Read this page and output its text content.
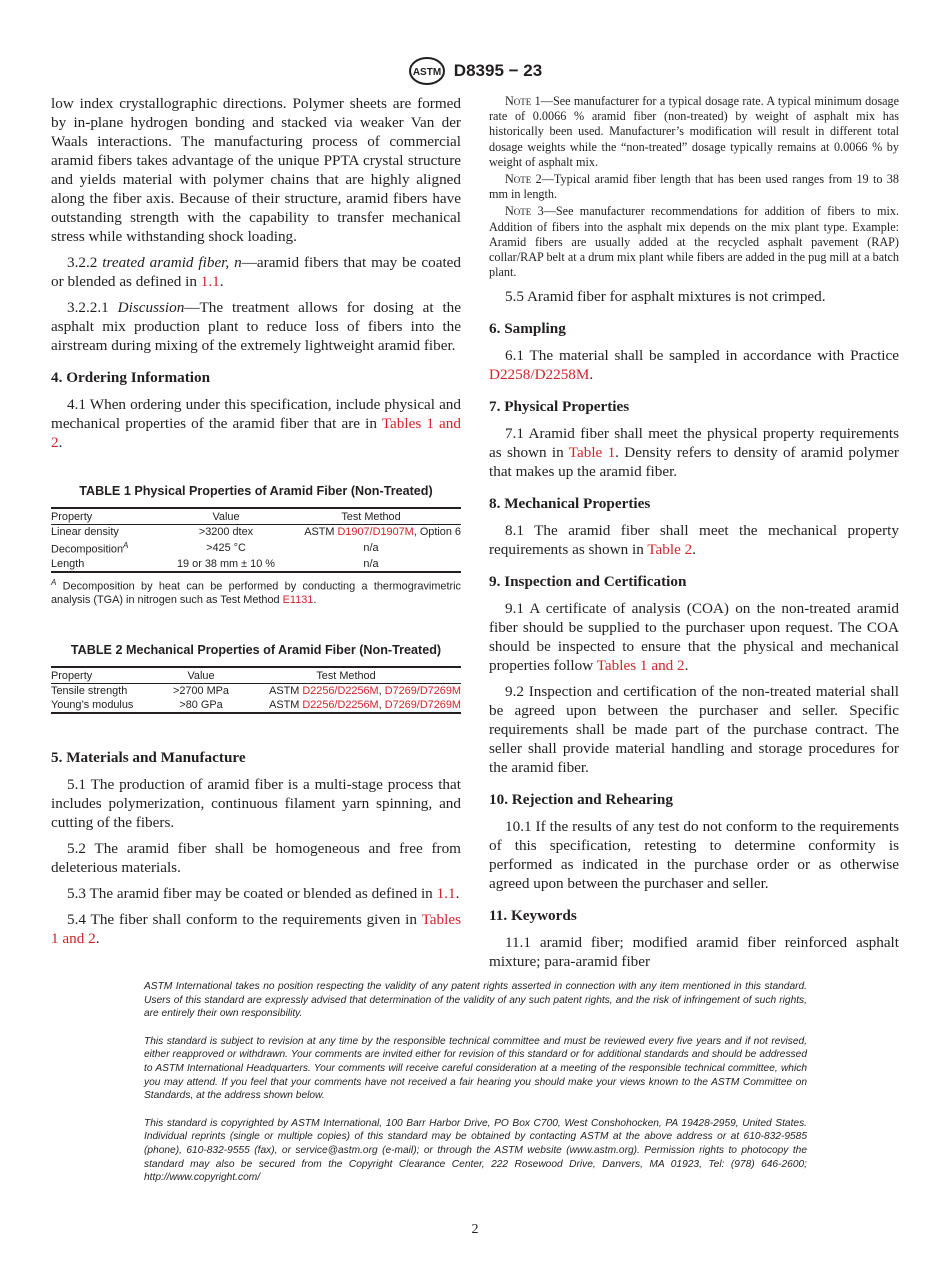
ASTM D8395 − 23

low index crystallographic directions. Polymer sheets are formed by in-plane hydrogen bonding and stacked via weaker Van der Waals interactions. The manufacturing process of commercial aramid fibers takes advantage of the unique PPTA crystal structure and yields material with polymer chains that are highly aligned along the fiber axis. Because of their structure, aramid fibers have outstanding strength with the capability to transfer mechanical stress while withstanding shock loading.

3.2.2 treated aramid fiber, n—aramid fibers that may be coated or blended as defined in 1.1.

3.2.2.1 Discussion—The treatment allows for dosing at the asphalt mix production plant to reduce loss of fibers into the airstream during mixing of the extremely lightweight aramid fiber.

4. Ordering Information

4.1 When ordering under this specification, include physical and mechanical properties of the aramid fiber that are in Tables 1 and 2.

TABLE 1 Physical Properties of Aramid Fiber (Non-Treated)
Property	Value	Test Method
Linear density	>3200 dtex	ASTM D1907/D1907M, Option 6
Decomposition$^A$	>425 °C	n/a
Length	19 or 38 mm ± 10 %	n/a
$^A$ Decomposition by heat can be performed by conducting a thermogravimetric analysis (TGA) in nitrogen such as Test Method E1131.
TABLE 2 Mechanical Properties of Aramid Fiber (Non-Treated)
Property	Value	Test Method
Tensile strength	>2700 MPa	ASTM D2256/D2256M, D7269/D7269M
Young’s modulus	>80 GPa	ASTM D2256/D2256M, D7269/D7269M
5. Materials and Manufacture

5.1 The production of aramid fiber is a multi-stage process that includes polymerization, continuous filament yarn spinning, and cutting of the fibers.

5.2 The aramid fiber shall be homogeneous and free from deleterious materials.

5.3 The aramid fiber may be coated or blended as defined in 1.1.

5.4 The fiber shall conform to the requirements given in Tables 1 and 2.

Note 1—See manufacturer for a typical dosage rate. A typical minimum dosage rate of 0.0066 % aramid fiber (non-treated) by weight of asphalt mix has historically been used. Manufacturer’s modification will result in different total dosage weights while the “non-treated” dosage typically remains at 0.0066 % by weight of asphalt mix.
Note 2—Typical aramid fiber length that has been used ranges from 19 to 38 mm in length.
Note 3—See manufacturer recommendations for addition of fibers to mix. Addition of fibers into the asphalt mix depends on the mix plant type. Example: Aramid fibers are usually added at the recycled asphalt pavement (RAP) collar/RAP belt at a drum mix plant while fibers are added in the pug mill at a batch plant.

5.5 Aramid fiber for asphalt mixtures is not crimped.

6. Sampling

6.1 The material shall be sampled in accordance with Practice D2258/D2258M.

7. Physical Properties

7.1 Aramid fiber shall meet the physical property requirements as shown in Table 1. Density refers to density of aramid polymer that makes up the aramid fiber.

8. Mechanical Properties

8.1 The aramid fiber shall meet the mechanical property requirements as shown in Table 2.

9. Inspection and Certification

9.1 A certificate of analysis (COA) on the non-treated aramid fiber should be supplied to the purchaser upon request. The COA should be inspected to ensure that the physical and mechanical properties follow Tables 1 and 2.

9.2 Inspection and certification of the non-treated material shall be agreed upon between the purchaser and seller. Specific requirements shall be made part of the purchase contract. The seller shall provide material handling and storage procedures for the aramid fiber.

10. Rejection and Rehearing

10.1 If the results of any test do not conform to the requirements of this specification, retesting to determine conformity is performed as indicated in the purchase order or as otherwise agreed upon between the purchaser and seller.

11. Keywords

11.1 aramid fiber; modified aramid fiber reinforced asphalt mixture; para-aramid fiber

ASTM International takes no position respecting the validity of any patent rights asserted in connection with any item mentioned in this standard. Users of this standard are expressly advised that determination of the validity of any such patent rights, and the risk of infringement of such rights, are entirely their own responsibility.

This standard is subject to revision at any time by the responsible technical committee and must be reviewed every five years and if not revised, either reapproved or withdrawn. Your comments are invited either for revision of this standard or for additional standards and should be addressed to ASTM International Headquarters. Your comments will receive careful consideration at a meeting of the responsible technical committee, which you may attend. If you feel that your comments have not received a fair hearing you should make your views known to the ASTM Committee on Standards, at the address shown below.

This standard is copyrighted by ASTM International, 100 Barr Harbor Drive, PO Box C700, West Conshohocken, PA 19428-2959, United States. Individual reprints (single or multiple copies) of this standard may be obtained by contacting ASTM at the above address or at 610-832-9585 (phone), 610-832-9555 (fax), or service@astm.org (e-mail); or through the ASTM website (www.astm.org). Permission rights to photocopy the standard may also be secured from the Copyright Clearance Center, 222 Rosewood Drive, Danvers, MA 01923, Tel: (978) 646-2600; http://www.copyright.com/

2
